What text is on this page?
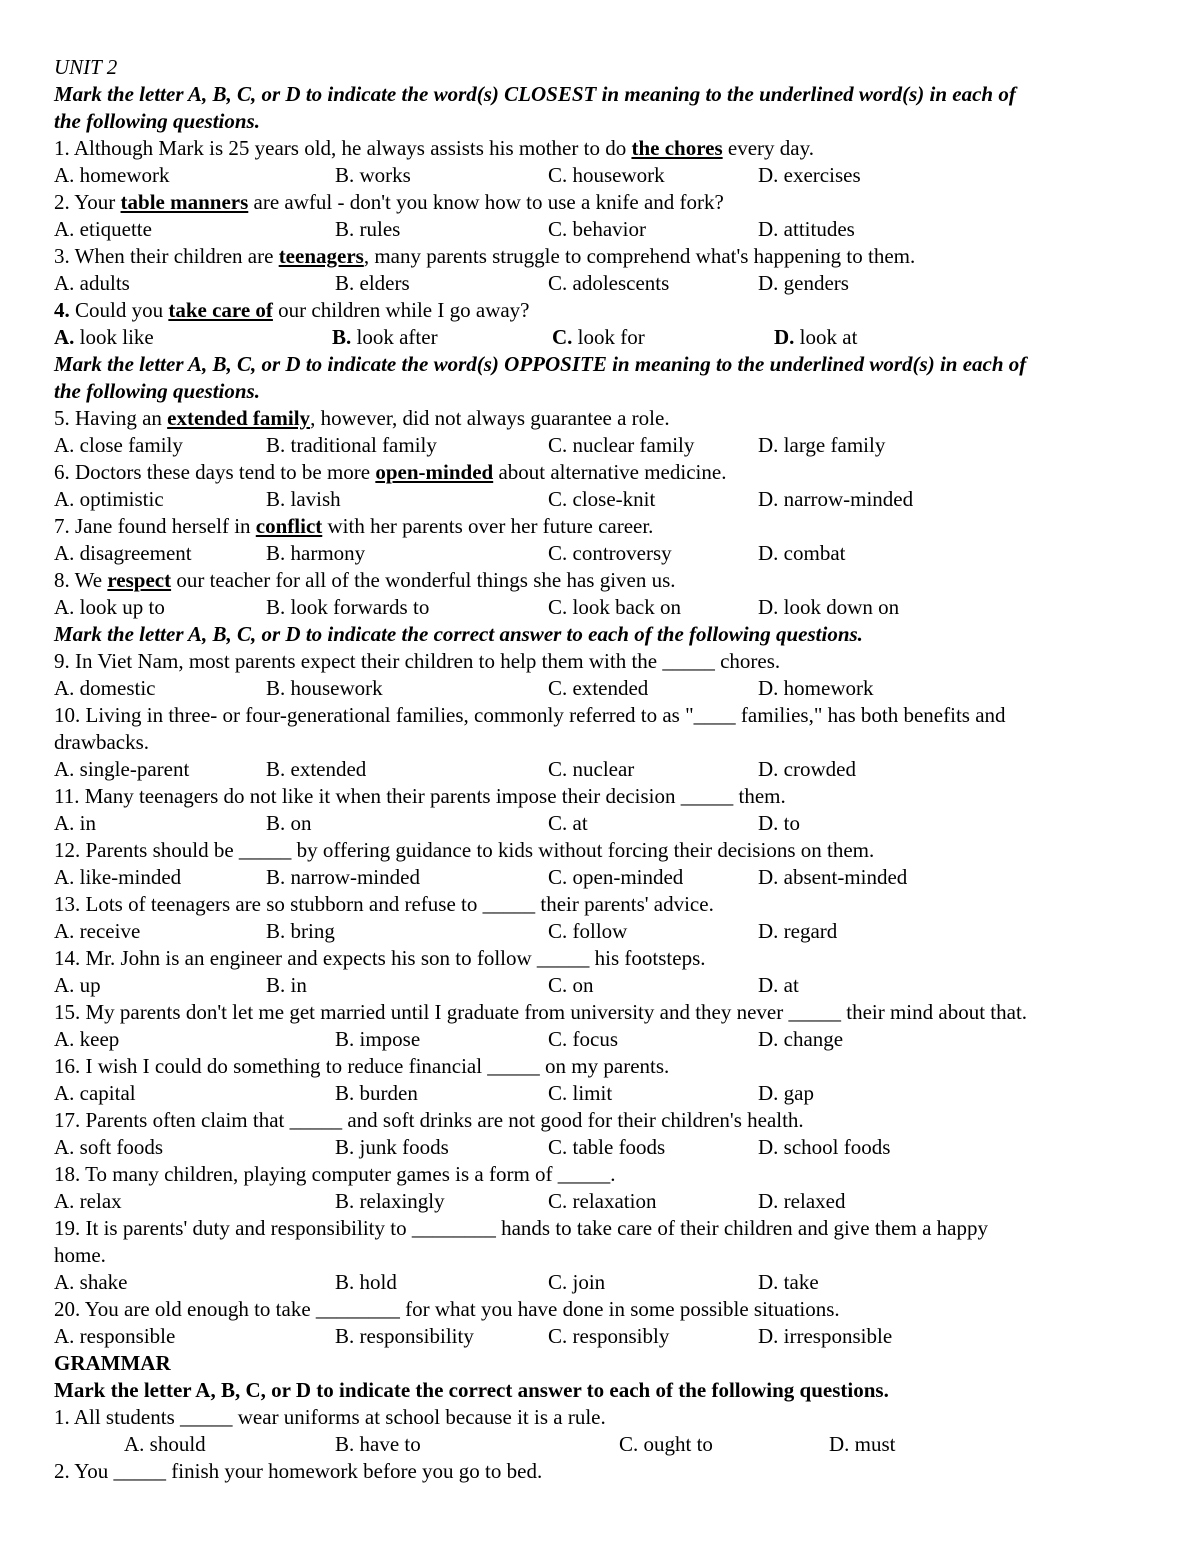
UNIT 2
Mark the letter A, B, C, or D to indicate the word(s) CLOSEST in meaning to the underlined word(s) in each of
the following questions.
1. Although Mark is 25 years old, he always assists his mother to do the chores every day.
A. homework	B. works	C. housework	D. exercises
2. Your table manners are awful - don't you know how to use a knife and fork?
A. etiquette	B. rules	C. behavior	D. attitudes
3. When their children are teenagers, many parents struggle to comprehend what's happening to them.
A. adults	B. elders	C. adolescents	D. genders
4. Could you take care of our children while I go away?
A. look like	B. look after	C. look for	D. look at
Mark the letter A, B, C, or D to indicate the word(s) OPPOSITE in meaning to the underlined word(s) in each of
the following questions.
5. Having an extended family, however, did not always guarantee a role.
A. close family	B. traditional family	C. nuclear family	D. large family
6. Doctors these days tend to be more open-minded about alternative medicine.
A. optimistic	B. lavish	C. close-knit	D. narrow-minded
7. Jane found herself in conflict with her parents over her future career.
A. disagreement	B. harmony	C. controversy	D. combat
8. We respect our teacher for all of the wonderful things she has given us.
A. look up to	B. look forwards to	C. look back on	D. look down on
Mark the letter A, B, C, or D to indicate the correct answer to each of the following questions.
9. In Viet Nam, most parents expect their children to help them with the _____ chores.
A. domestic	B. housework	C. extended	D. homework
10. Living in three- or four-generational families, commonly referred to as "____ families," has both benefits and
drawbacks.
A. single-parent	B. extended	C. nuclear	D. crowded
11. Many teenagers do not like it when their parents impose their decision _____ them.
A. in	B. on	C. at	D. to
12. Parents should be _____ by offering guidance to kids without forcing their decisions on them.
A. like-minded	B. narrow-minded	C. open-minded	D. absent-minded
13. Lots of teenagers are so stubborn and refuse to _____ their parents' advice.
A. receive	B. bring	C. follow	D. regard
14. Mr. John is an engineer and expects his son to follow _____ his footsteps.
A. up	B. in	C. on	D. at
15. My parents don't let me get married until I graduate from university and they never _____ their mind about that.
A. keep	B. impose	C. focus	D. change
16. I wish I could do something to reduce financial _____ on my parents.
A. capital	B. burden	C. limit	D. gap
17. Parents often claim that _____ and soft drinks are not good for their children's health.
A. soft foods	B. junk foods	C. table foods	D. school foods
18. To many children, playing computer games is a form of _____.
A. relax	B. relaxingly	C. relaxation	D. relaxed
19. It is parents' duty and responsibility to ________ hands to take care of their children and give them a happy
home.
A. shake	B. hold	C. join	D. take
20. You are old enough to take ________ for what you have done in some possible situations.
A. responsible	B. responsibility	C. responsibly	D. irresponsible
GRAMMAR
Mark the letter A, B, C, or D to indicate the correct answer to each of the following questions.
1. All students _____ wear uniforms at school because it is a rule.
A. should	B. have to	C. ought to	D. must
2. You _____ finish your homework before you go to bed.
